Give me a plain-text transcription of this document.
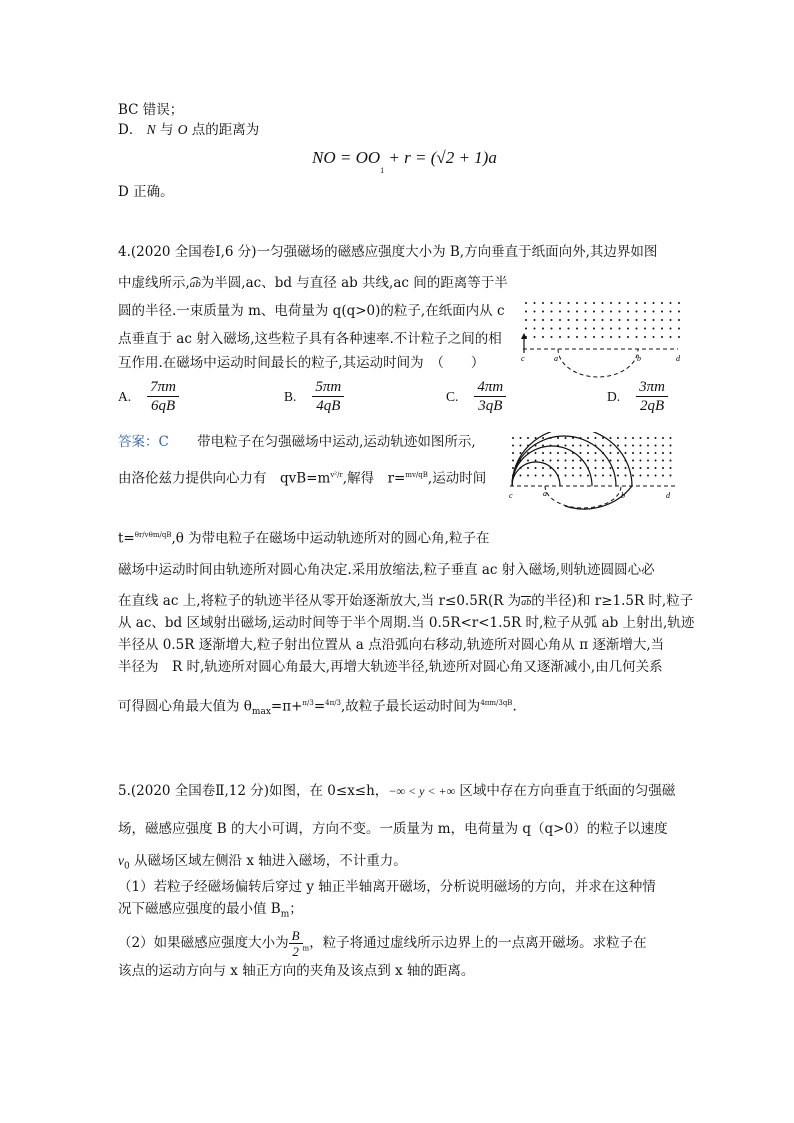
BC 错误；
D． N 与 O 点的距离为
NO = $OO_1 + r = (√2 + 1)a$
D 正确。
4.(2020 全国卷Ⅰ,6 分)一匀强磁场的磁感应强度大小为 B,方向垂直于纸面向外,其边界如图
中虚线所示,ab为半圆,ac、bd 与直径 ab 共线,ac 间的距离等于半
圆的半径.一束质量为 m、电荷量为 q(q>0)的粒子,在纸面内从 c
点垂直于 ac 射入磁场,这些粒子具有各种速率.不计粒子之间的相
互作用.在磁场中运动时间最长的粒子,其运动时间为　（　　）	c	a	b	d
A. $\frac{7\pi m}{6qB}$	B. $\frac{5\pi m}{4qB}$	C. $\frac{4\pi m}{3qB}$	D. $\frac{3\pi m}{2qB}$
答案：C 带电粒子在匀强磁场中运动,运动轨迹如图所示,
由洛伦兹力提供向心力有　$qvB=m^{v^2/r}$,解得　r=$^{mv/qB}$,运动时间
t=$^{\theta r/v\theta m/qB}$,θ 为带电粒子在磁场中运动轨迹所对的圆心角,粒子在
磁场中运动时间由轨迹所对圆心角决定.采用放缩法,粒子垂直 ac 射入磁场,则轨迹圆圆心必
在直线 ac 上,将粒子的轨迹半径从零开始逐渐放大,当 r≤0.5R(R 为ab的半径)和 r≥1.5R 时,粒子
从 ac、bd 区域射出磁场,运动时间等于半个周期.当 0.5R<r<1.5R 时,粒子从弧 ab 上射出,轨迹
半径从 0.5R 逐渐增大,粒子射出位置从 a 点沿弧向右移动,轨迹所对圆心角从 π 逐渐增大,当
半径为　R 时,轨迹所对圆心角最大,再增大轨迹半径,轨迹所对圆心角又逐渐减小,由几何关系
可得圆心角最大值为 $\theta_{max}=\pi+^{\pi/3}=^{4\pi/3}$,故粒子最长运动时间为$^{4\pi m/3qB}$.
c	a	b	d
5.(2020 全国卷Ⅱ,12 分)如图，在 0≤x≤h，−∞ < y < +∞ 区域中存在方向垂直于纸面的匀强磁
场，磁感应强度 B 的大小可调，方向不变。一质量为 m，电荷量为 q（q>0）的粒子以速度
$v_0$ 从磁场区域左侧沿 x 轴进入磁场，不计重力。
（1）若粒子经磁场偏转后穿过 y 轴正半轴离开磁场，分析说明磁场的方向，并求在这种情
况下磁感应强度的最小值 $B_m$；
（2）如果磁感应强度大小为 $\frac{B}{2} _m$，粒子将通过虚线所示边界上的一点离开磁场。求粒子在
该点的运动方向与 x 轴正方向的夹角及该点到 x 轴的距离。
